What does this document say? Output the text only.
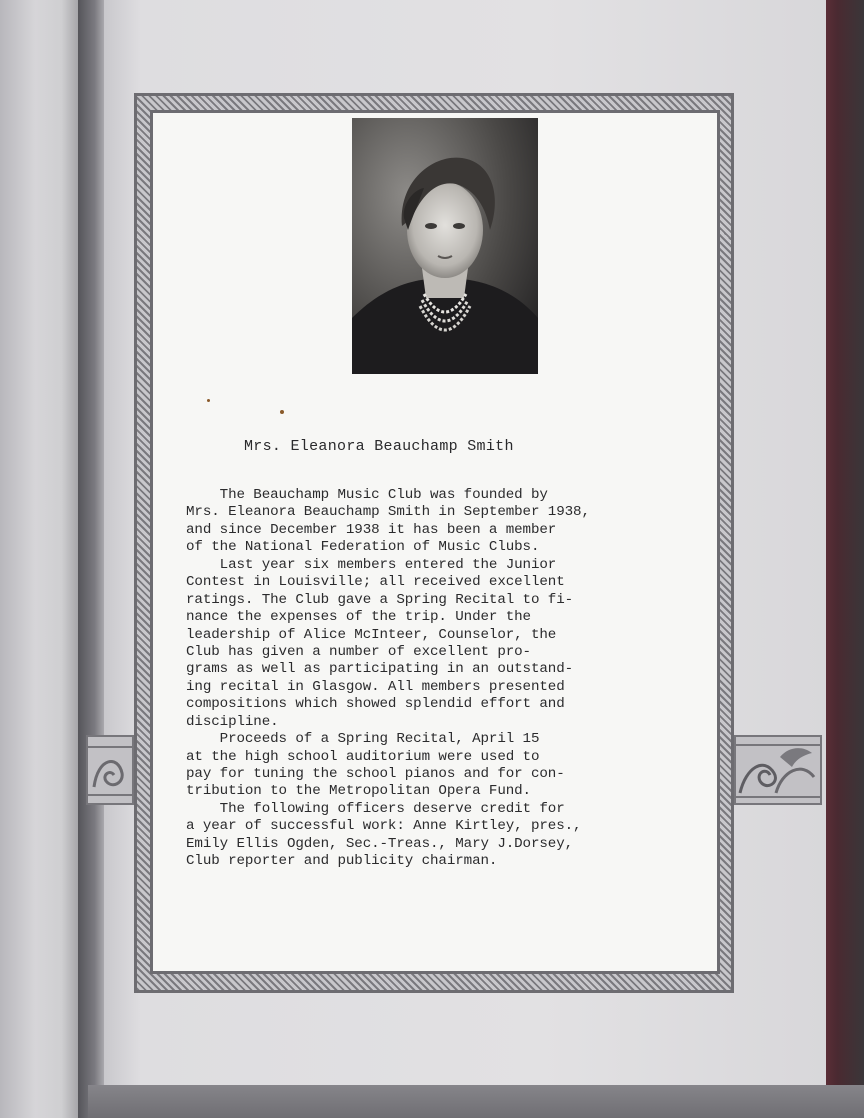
Mrs. Eleanora Beauchamp Smith
The Beauchamp Music Club was founded by
Mrs. Eleanora Beauchamp Smith in September 1938,
and since December 1938 it has been a member
of the National Federation of Music Clubs.
Last year six members entered the Junior
Contest in Louisville; all received excellent
ratings. The Club gave a Spring Recital to fi-
nance the expenses of the trip. Under the
leadership of Alice McInteer, Counselor, the
Club has given a number of excellent pro-
grams as well as participating in an outstand-
ing recital in Glasgow. All members presented
compositions which showed splendid effort and
discipline.
Proceeds of a Spring Recital, April 15
at the high school auditorium were used to
pay for tuning the school pianos and for con-
tribution to the Metropolitan Opera Fund.
The following officers deserve credit for
a year of successful work: Anne Kirtley, pres.,
Emily Ellis Ogden, Sec.-Treas., Mary J.Dorsey,
Club reporter and publicity chairman.
